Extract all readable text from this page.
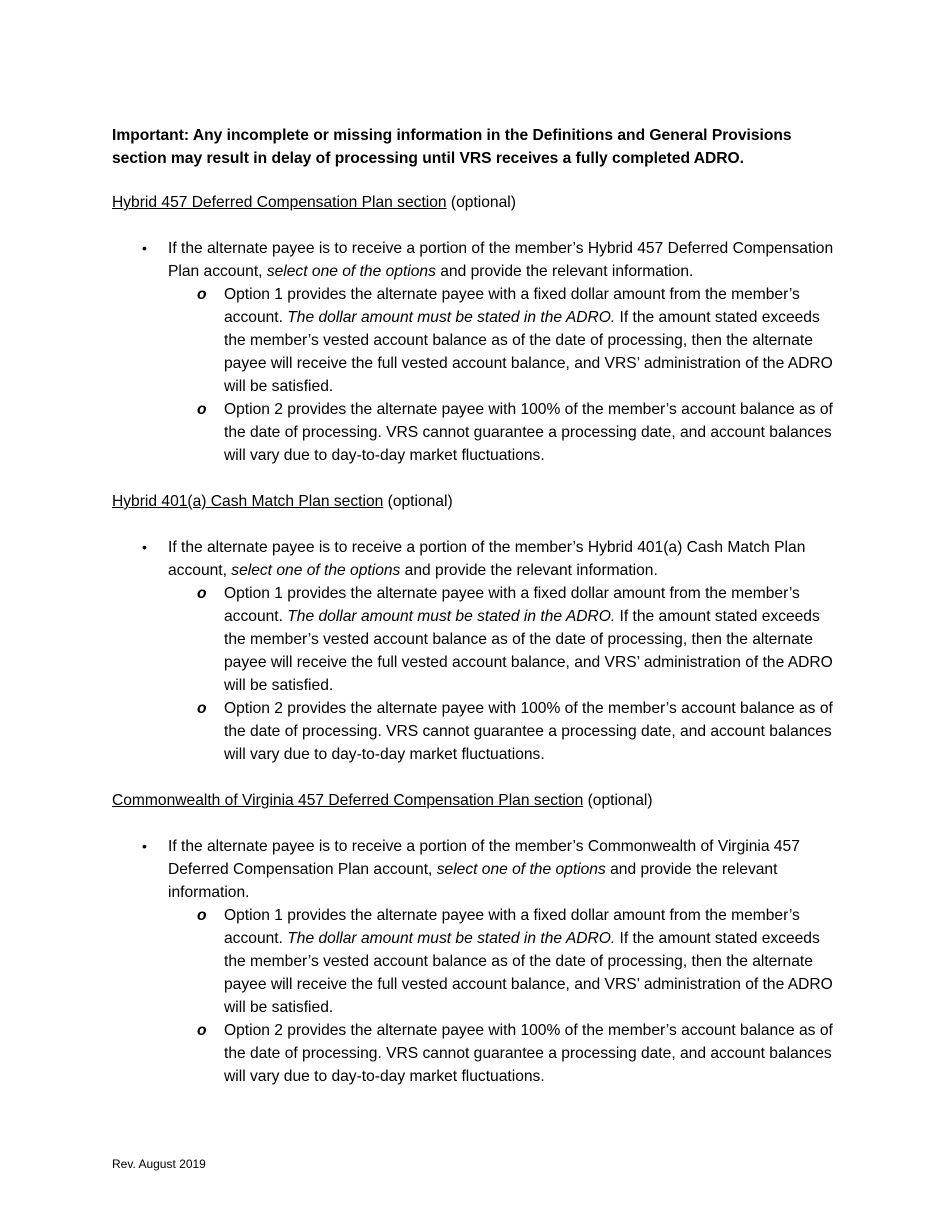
Important: Any incomplete or missing information in the Definitions and General Provisions section may result in delay of processing until VRS receives a fully completed ADRO.

Hybrid 457 Deferred Compensation Plan section (optional)

• If the alternate payee is to receive a portion of the member’s Hybrid 457 Deferred Compensation Plan account, select one of the options and provide the relevant information.
o Option 1 provides the alternate payee with a fixed dollar amount from the member’s account. The dollar amount must be stated in the ADRO. If the amount stated exceeds the member’s vested account balance as of the date of processing, then the alternate payee will receive the full vested account balance, and VRS’ administration of the ADRO will be satisfied.
o Option 2 provides the alternate payee with 100% of the member’s account balance as of the date of processing. VRS cannot guarantee a processing date, and account balances will vary due to day-to-day market fluctuations.

Hybrid 401(a) Cash Match Plan section (optional)

• If the alternate payee is to receive a portion of the member’s Hybrid 401(a) Cash Match Plan account, select one of the options and provide the relevant information.
o Option 1 provides the alternate payee with a fixed dollar amount from the member’s account. The dollar amount must be stated in the ADRO. If the amount stated exceeds the member’s vested account balance as of the date of processing, then the alternate payee will receive the full vested account balance, and VRS’ administration of the ADRO will be satisfied.
o Option 2 provides the alternate payee with 100% of the member’s account balance as of the date of processing. VRS cannot guarantee a processing date, and account balances will vary due to day-to-day market fluctuations.

Commonwealth of Virginia 457 Deferred Compensation Plan section (optional)

• If the alternate payee is to receive a portion of the member’s Commonwealth of Virginia 457 Deferred Compensation Plan account, select one of the options and provide the relevant information.
o Option 1 provides the alternate payee with a fixed dollar amount from the member’s account. The dollar amount must be stated in the ADRO. If the amount stated exceeds the member’s vested account balance as of the date of processing, then the alternate payee will receive the full vested account balance, and VRS’ administration of the ADRO will be satisfied.
o Option 2 provides the alternate payee with 100% of the member’s account balance as of the date of processing. VRS cannot guarantee a processing date, and account balances will vary due to day-to-day market fluctuations.
Rev. August 2019
